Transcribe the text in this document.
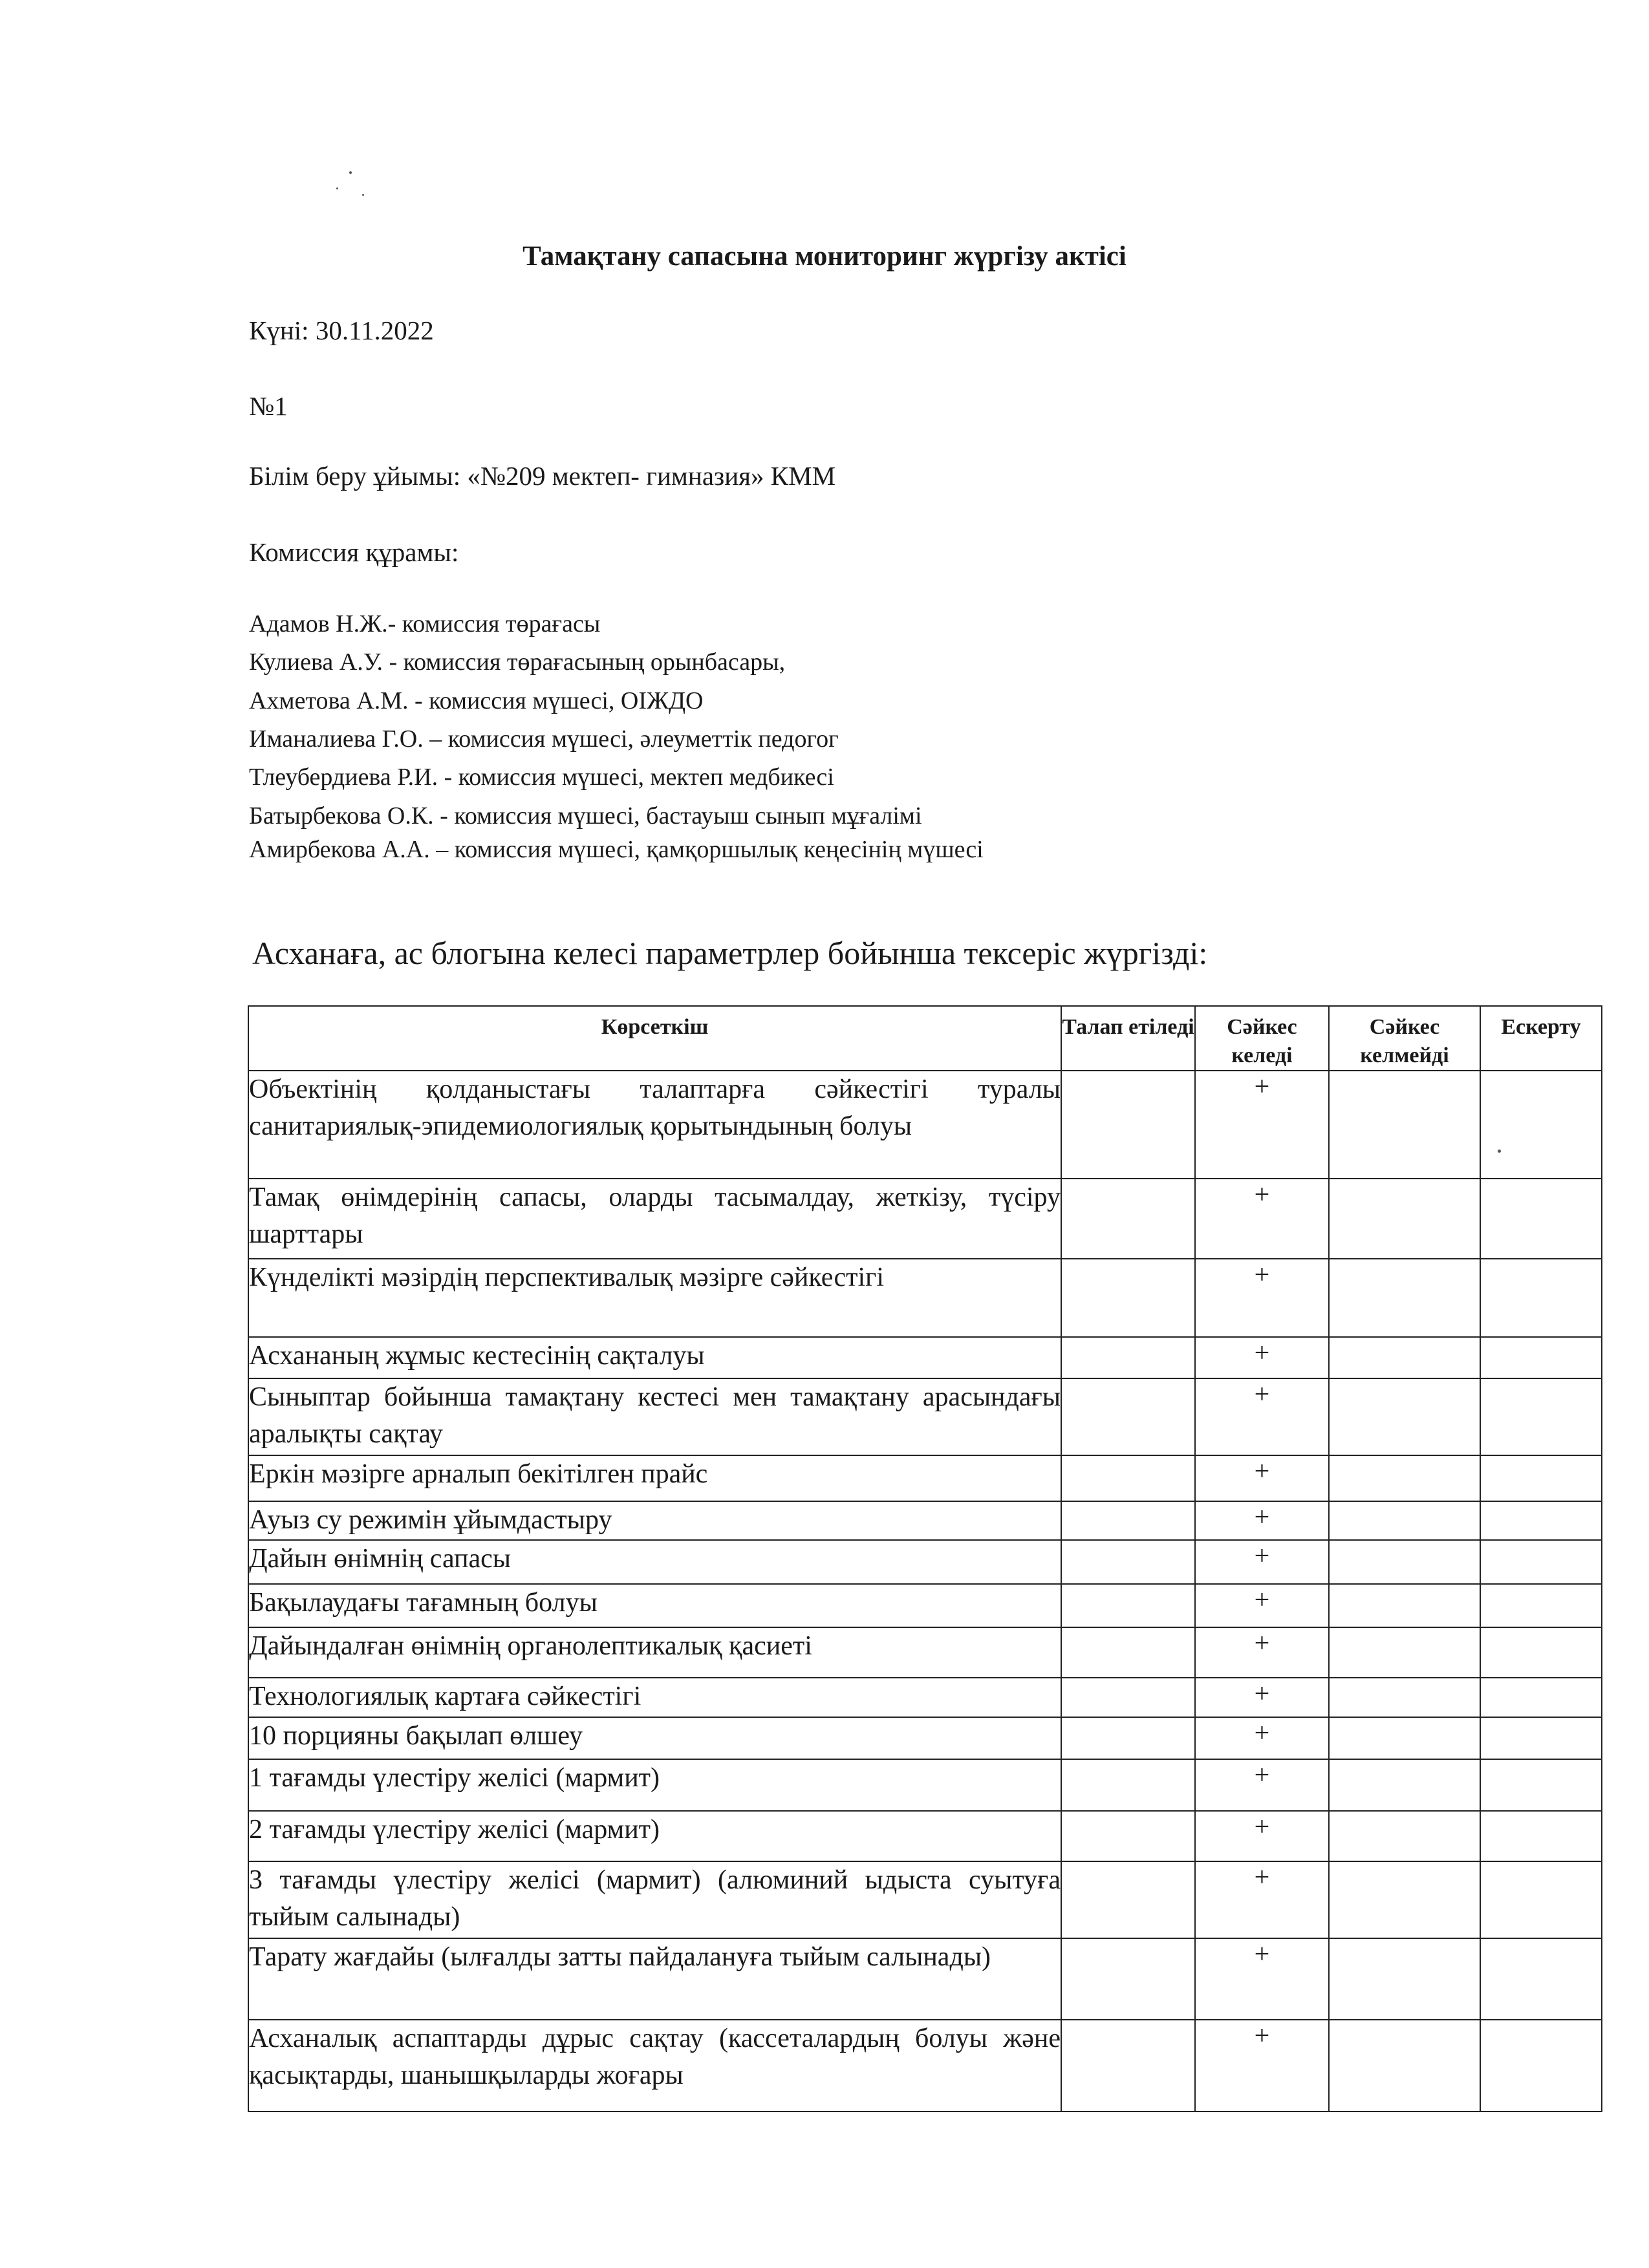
Тамақтану сапасына мониторинг жүргізу актісі
Күні: 30.11.2022
№1
Білім беру ұйымы: «№209 мектеп- гимназия» КММ
Комиссия құрамы:
Адамов Н.Ж.- комиссия төрағасы
Кулиева А.У. - комиссия төрағасының орынбасары,
Ахметова А.М. - комиссия мүшесі, ОІЖДО
Иманалиева Г.О. – комиссия мүшесі, әлеуметтік педогог
Тлеубердиева Р.И. - комиссия мүшесі, мектеп медбикесі
Батырбекова О.К. - комиссия мүшесі, бастауыш сынып мұғалімі
Амирбекова А.А. – комиссия мүшесі, қамқоршылық кеңесінің мүшесі
Асханаға, ас блогына келесі параметрлер бойынша тексеріс жүргізді:
Көрсеткіш	Талап етіледі	Сәйкес келеді	Сәйкес келмейді	Ескерту
Объектінің қолданыстағы талаптарға сәйкестігі туралы санитариялық-эпидемиологиялық қорытындының болуы		+		
Тамақ өнімдерінің сапасы, оларды тасымалдау, жеткізу, түсіру шарттары		+		
Күнделікті мәзірдің перспективалық мәзірге сәйкестігі		+		
Асхананың жұмыс кестесінің сақталуы		+		
Сыныптар бойынша тамақтану кестесі мен тамақтану арасындағы аралықты сақтау		+		
Еркін мәзірге арналып бекітілген прайс		+		
Ауыз су режимін ұйымдастыру		+		
Дайын өнімнің сапасы		+		
Бақылаудағы тағамның болуы		+		
Дайындалған өнімнің органолептикалық қасиеті		+		
Технологиялық картаға сәйкестігі		+		
10 порцияны бақылап өлшеу		+		
1 тағамды үлестіру желісі (мармит)		+		
2 тағамды үлестіру желісі (мармит)		+		
3 тағамды үлестіру желісі (мармит) (алюминий ыдыста суытуға тыйым салынады)		+		
Тарату жағдайы (ылғалды затты пайдалануға тыйым салынады)		+		
Асханалық аспаптарды дұрыс сақтау (кассеталардың болуы және қасықтарды, шанышқыларды жоғары		+		
